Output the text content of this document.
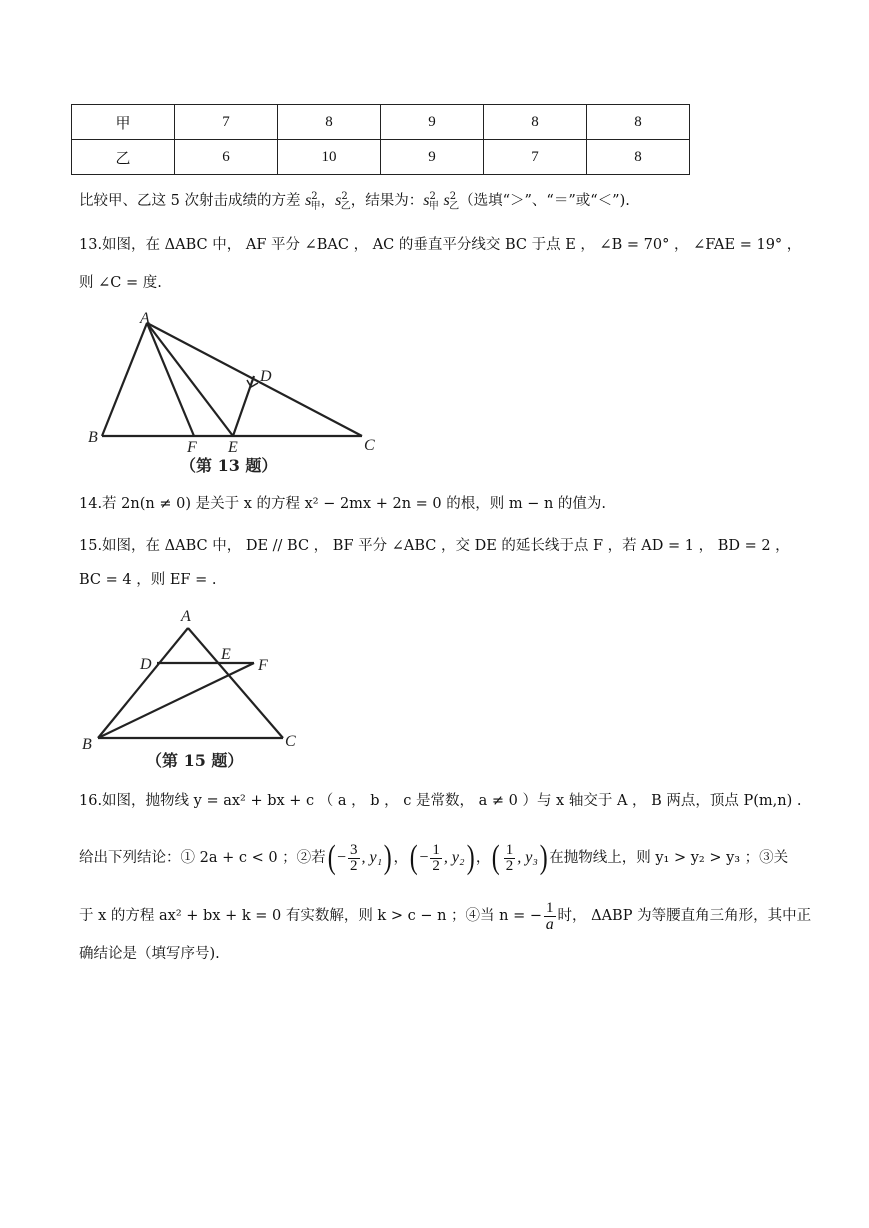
甲	7	8	9	8	8
乙	6	10	9	7	8
比较甲、乙这 5 次射击成绩的方差 $s^2_甲$，$s^2_乙$，结果为：$s^2_甲$ $s^2_乙$（选填“＞”、“＝”或“＜”).
13.如图，在 ΔABC 中， AF 平分 ∠BAC ， AC 的垂直平分线交 BC 于点 E ， ∠B = 70° ， ∠FAE = 19° ，
则 ∠C = 度.
A
B	C
D
E
F
（第 13 题）
14.若 2n(n ≠ 0) 是关于 x 的方程 x² − 2mx + 2n = 0 的根，则 m − n 的值为.
15.如图，在 ΔABC 中， DE // BC ， BF 平分 ∠ABC ，交 DE 的延长线于点 F ，若 AD = 1 ， BD = 2 ，
BC = 4 ，则 EF = .
A
B	C
D
E
F
（第 15 题）
16.如图，抛物线 y = ax² + bx + c （ a ， b ， c 是常数， a ≠ 0 ）与 x 轴交于 A ， B 两点，顶点 P(m,n) .
给出下列结论：① 2a + c < 0 ；②若( − $\frac{3}{2}$ , y₁) ，( − $\frac{1}{2}$ , y₂) ，( $\frac{1}{2}$ , y₃) 在抛物线上，则 y₁ > y₂ > y₃ ；③关
于 x 的方程 ax² + bx + k = 0 有实数解，则 k > c − n ；④当 n = − $\frac{1}{a}$ 时， ΔABP 为等腰直角三角形，其中正
确结论是（填写序号).
